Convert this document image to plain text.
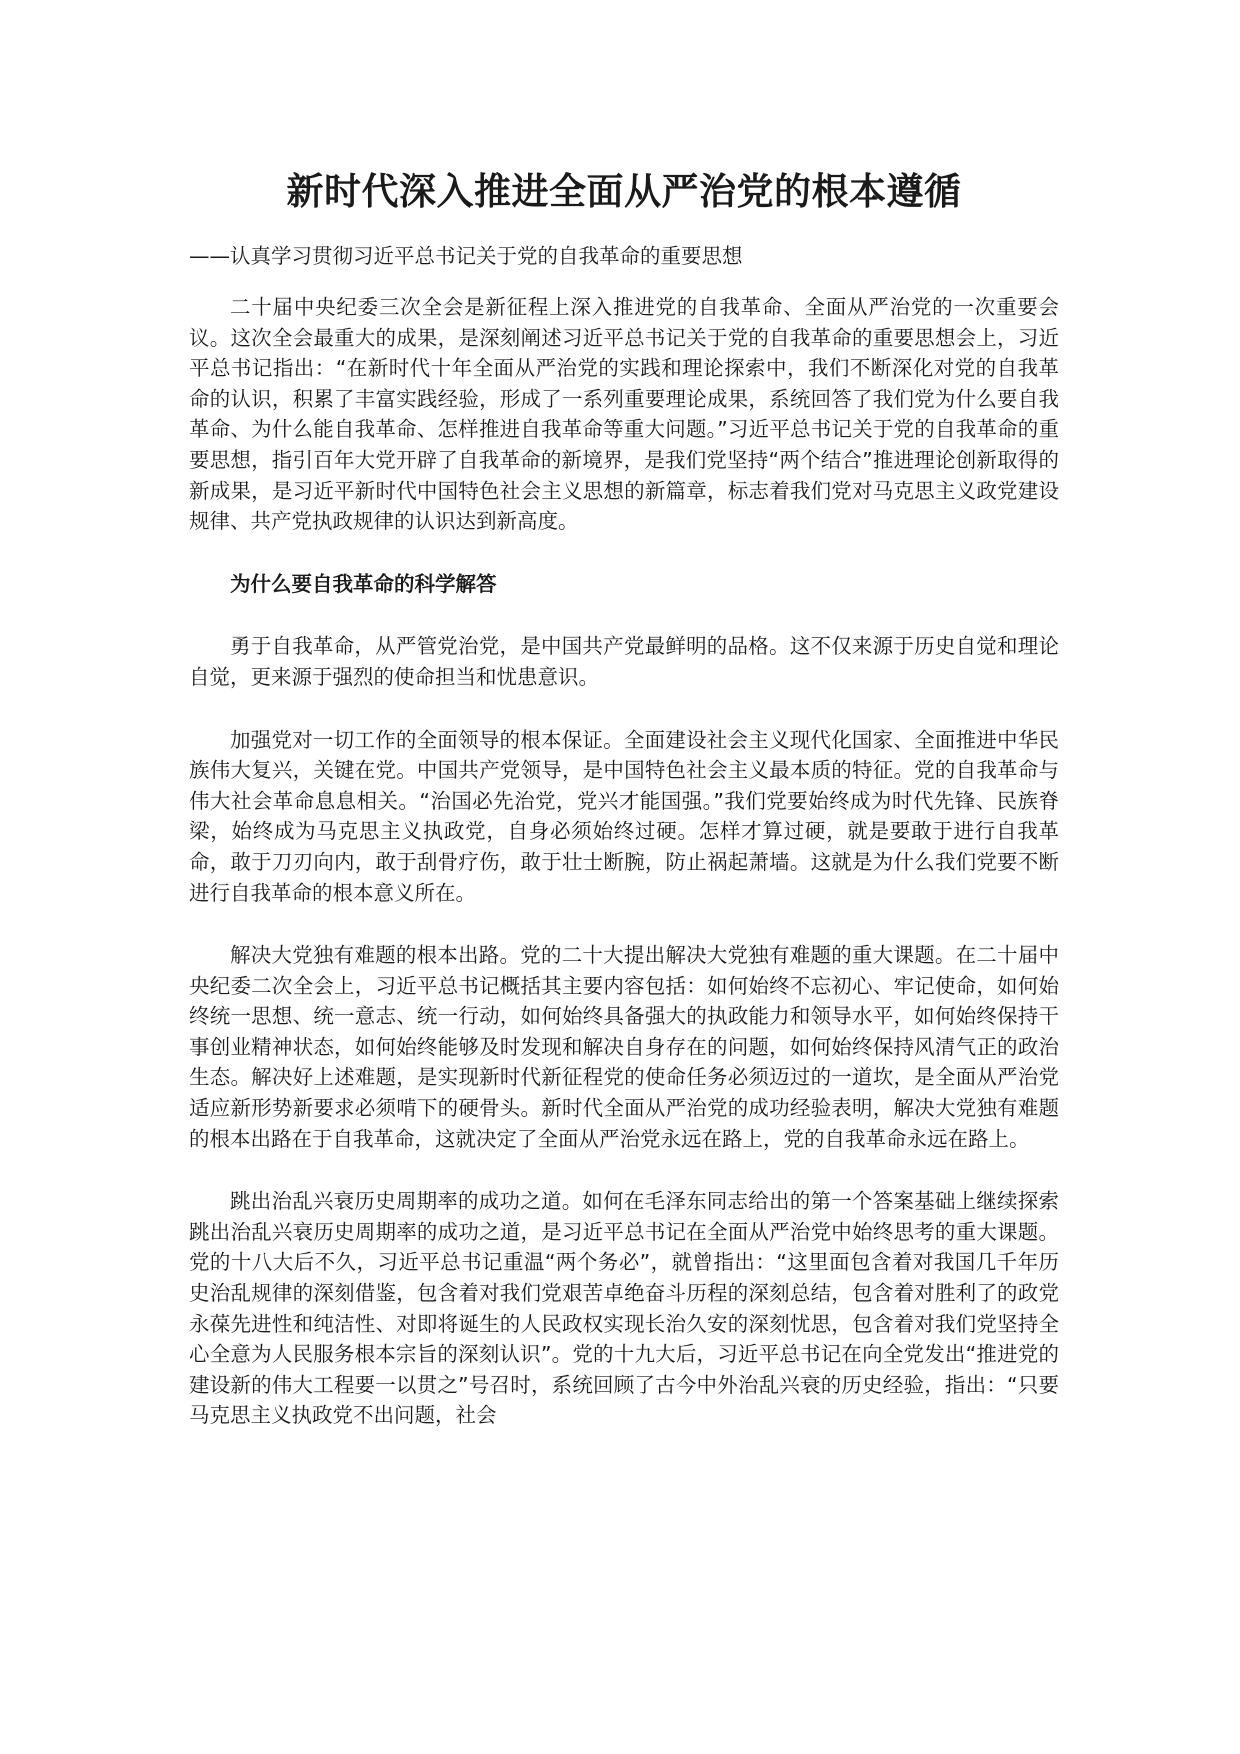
新时代深入推进全面从严治党的根本遵循
——认真学习贯彻习近平总书记关于党的自我革命的重要思想

二十届中央纪委三次全会是新征程上深入推进党的自我革命、全面从严治党的一次重要会议。这次全会最重大的成果，是深刻阐述习近平总书记关于党的自我革命的重要思想会上，习近平总书记指出：“在新时代十年全面从严治党的实践和理论探索中，我们不断深化对党的自我革命的认识，积累了丰富实践经验，形成了一系列重要理论成果，系统回答了我们党为什么要自我革命、为什么能自我革命、怎样推进自我革命等重大问题。”习近平总书记关于党的自我革命的重要思想，指引百年大党开辟了自我革命的新境界，是我们党坚持“两个结合”推进理论创新取得的新成果，是习近平新时代中国特色社会主义思想的新篇章，标志着我们党对马克思主义政党建设规律、共产党执政规律的认识达到新高度。

为什么要自我革命的科学解答

勇于自我革命，从严管党治党，是中国共产党最鲜明的品格。这不仅来源于历史自觉和理论自觉，更来源于强烈的使命担当和忧患意识。

加强党对一切工作的全面领导的根本保证。全面建设社会主义现代化国家、全面推进中华民族伟大复兴，关键在党。中国共产党领导，是中国特色社会主义最本质的特征。党的自我革命与伟大社会革命息息相关。“治国必先治党，党兴才能国强。”我们党要始终成为时代先锋、民族脊梁，始终成为马克思主义执政党，自身必须始终过硬。怎样才算过硬，就是要敢于进行自我革命，敢于刀刃向内，敢于刮骨疗伤，敢于壮士断腕，防止祸起萧墙。这就是为什么我们党要不断进行自我革命的根本意义所在。

解决大党独有难题的根本出路。党的二十大提出解决大党独有难题的重大课题。在二十届中央纪委二次全会上，习近平总书记概括其主要内容包括：如何始终不忘初心、牢记使命，如何始终统一思想、统一意志、统一行动，如何始终具备强大的执政能力和领导水平，如何始终保持干事创业精神状态，如何始终能够及时发现和解决自身存在的问题，如何始终保持风清气正的政治生态。解决好上述难题，是实现新时代新征程党的使命任务必须迈过的一道坎，是全面从严治党适应新形势新要求必须啃下的硬骨头。新时代全面从严治党的成功经验表明，解决大党独有难题的根本出路在于自我革命，这就决定了全面从严治党永远在路上，党的自我革命永远在路上。

跳出治乱兴衰历史周期率的成功之道。如何在毛泽东同志给出的第一个答案基础上继续探索跳出治乱兴衰历史周期率的成功之道，是习近平总书记在全面从严治党中始终思考的重大课题。党的十八大后不久，习近平总书记重温“两个务必”，就曾指出：“这里面包含着对我国几千年历史治乱规律的深刻借鉴，包含着对我们党艰苦卓绝奋斗历程的深刻总结，包含着对胜利了的政党永葆先进性和纯洁性、对即将诞生的人民政权实现长治久安的深刻忧思，包含着对我们党坚持全心全意为人民服务根本宗旨的深刻认识”。党的十九大后，习近平总书记在向全党发出“推进党的建设新的伟大工程要一以贯之”号召时，系统回顾了古今中外治乱兴衰的历史经验，指出：“只要马克思主义执政党不出问题，社会
